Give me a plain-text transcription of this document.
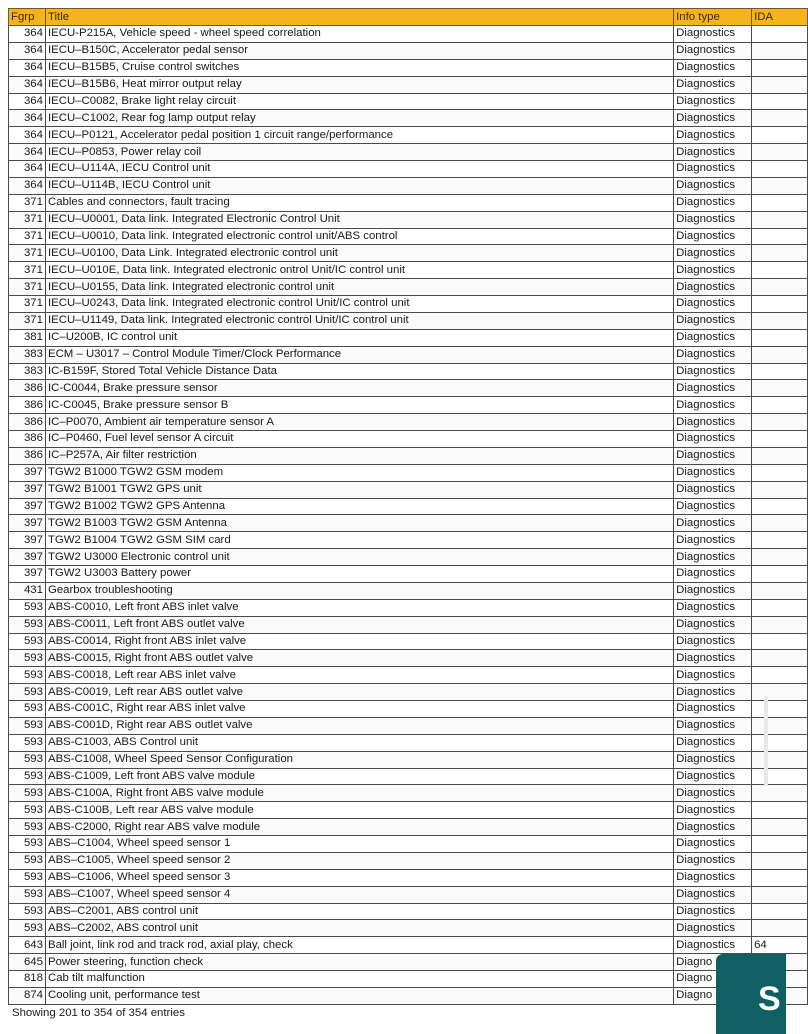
Fgrp	Title	Info type	IDA
364	IECU-P215A, Vehicle speed - wheel speed correlation	Diagnostics	
364	IECU–B150C, Accelerator pedal sensor	Diagnostics	
364	IECU–B15B5, Cruise control switches	Diagnostics	
364	IECU–B15B6, Heat mirror output relay	Diagnostics	
364	IECU–C0082, Brake light relay circuit	Diagnostics	
364	IECU–C1002, Rear fog lamp output relay	Diagnostics	
364	IECU–P0121, Accelerator pedal position 1 circuit range/performance	Diagnostics	
364	IECU–P0853, Power relay coil	Diagnostics	
364	IECU–U114A, IECU Control unit	Diagnostics	
364	IECU–U114B, IECU Control unit	Diagnostics	
371	Cables and connectors, fault tracing	Diagnostics	
371	IECU–U0001, Data link. Integrated Electronic Control Unit	Diagnostics	
371	IECU–U0010, Data link. Integrated electronic control unit/ABS control	Diagnostics	
371	IECU–U0100, Data Link. Integrated electronic control unit	Diagnostics	
371	IECU–U010E, Data link. Integrated electronic ontrol Unit/IC control unit	Diagnostics	
371	IECU–U0155, Data link. Integrated electronic control unit	Diagnostics	
371	IECU–U0243, Data link. Integrated electronic control Unit/IC control unit	Diagnostics	
371	IECU–U1149, Data link. Integrated electronic control Unit/IC control unit	Diagnostics	
381	IC–U200B, IC control unit	Diagnostics	
383	ECM – U3017 – Control Module Timer/Clock Performance	Diagnostics	
383	IC-B159F, Stored Total Vehicle Distance Data	Diagnostics	
386	IC-C0044, Brake pressure sensor	Diagnostics	
386	IC-C0045, Brake pressure sensor B	Diagnostics	
386	IC–P0070, Ambient air temperature sensor A	Diagnostics	
386	IC–P0460, Fuel level sensor A circuit	Diagnostics	
386	IC–P257A, Air filter restriction	Diagnostics	
397	TGW2 B1000 TGW2 GSM modem	Diagnostics	
397	TGW2 B1001 TGW2 GPS unit	Diagnostics	
397	TGW2 B1002 TGW2 GPS Antenna	Diagnostics	
397	TGW2 B1003 TGW2 GSM Antenna	Diagnostics	
397	TGW2 B1004 TGW2 GSM SIM card	Diagnostics	
397	TGW2 U3000 Electronic control unit	Diagnostics	
397	TGW2 U3003 Battery power	Diagnostics	
431	Gearbox troubleshooting	Diagnostics	
593	ABS-C0010, Left front ABS inlet valve	Diagnostics	
593	ABS-C0011, Left front ABS outlet valve	Diagnostics	
593	ABS-C0014, Right front ABS inlet valve	Diagnostics	
593	ABS-C0015, Right front ABS outlet valve	Diagnostics	
593	ABS-C0018, Left rear ABS inlet valve	Diagnostics	
593	ABS-C0019, Left rear ABS outlet valve	Diagnostics	
593	ABS-C001C, Right rear ABS inlet valve	Diagnostics	
593	ABS-C001D, Right rear ABS outlet valve	Diagnostics	
593	ABS-C1003, ABS Control unit	Diagnostics	
593	ABS-C1008, Wheel Speed Sensor Configuration	Diagnostics	
593	ABS-C1009, Left front ABS valve module	Diagnostics	
593	ABS-C100A, Right front ABS valve module	Diagnostics	
593	ABS-C100B, Left rear ABS valve module	Diagnostics	
593	ABS-C2000, Right rear ABS valve module	Diagnostics	
593	ABS–C1004, Wheel speed sensor 1	Diagnostics	
593	ABS–C1005, Wheel speed sensor 2	Diagnostics	
593	ABS–C1006, Wheel speed sensor 3	Diagnostics	
593	ABS–C1007, Wheel speed sensor 4	Diagnostics	
593	ABS–C2001, ABS control unit	Diagnostics	
593	ABS–C2002, ABS control unit	Diagnostics	
643	Ball joint, link rod and track rod, axial play, check	Diagnostics	64
645	Power steering, function check	Diagno	
818	Cab tilt malfunction	Diagno	
874	Cooling unit, performance test	Diagno	
Showing 201 to 354 of 354 entries	S
